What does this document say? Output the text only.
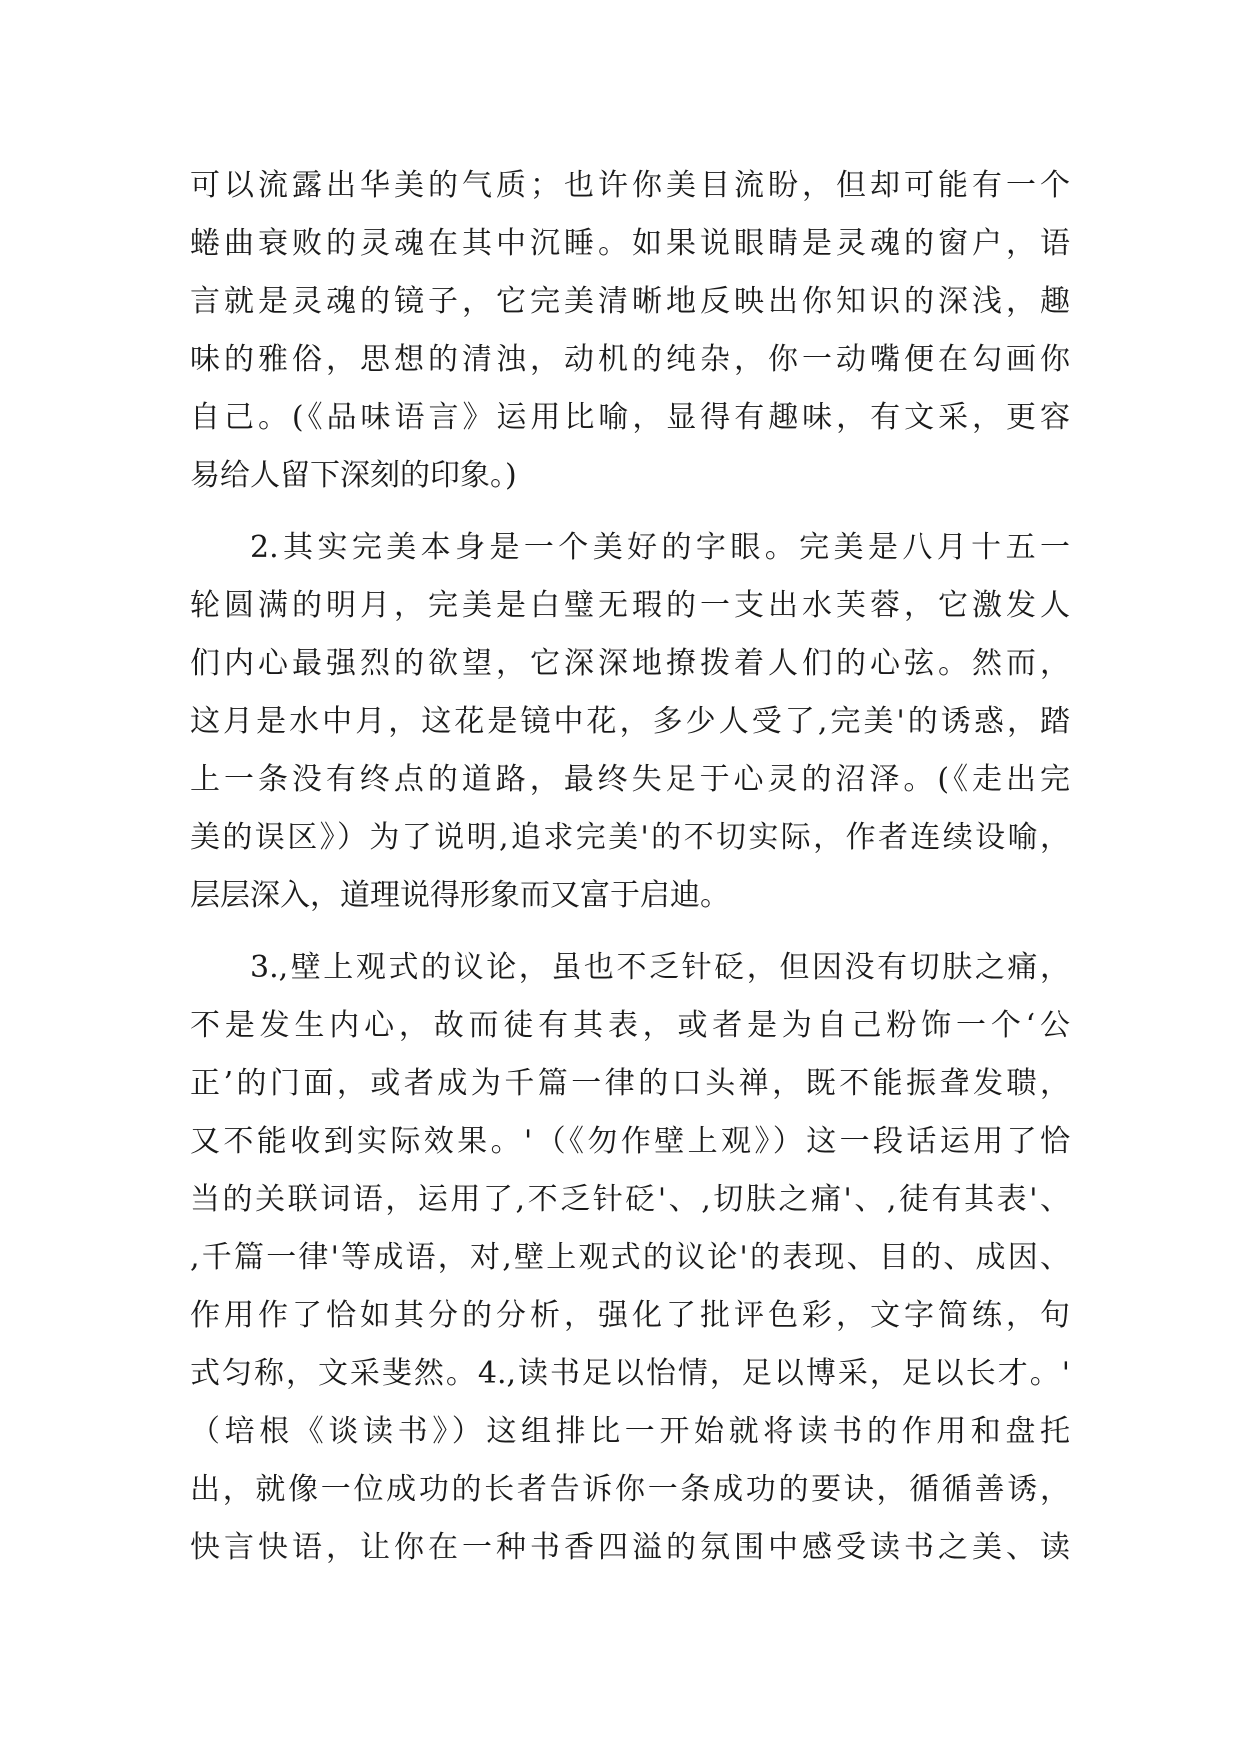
可以流露出华美的气质；也许你美目流盼，但却可能有一个
蜷曲衰败的灵魂在其中沉睡。如果说眼睛是灵魂的窗户，语
言就是灵魂的镜子，它完美清晰地反映出你知识的深浅，趣
味的雅俗，思想的清浊，动机的纯杂，你一动嘴便在勾画你
自己。(《品味语言》运用比喻，显得有趣味，有文采，更容
易给人留下深刻的印象。)
2.其实完美本身是一个美好的字眼。完美是八月十五一
轮圆满的明月，完美是白璧无瑕的一支出水芙蓉，它激发人
们内心最强烈的欲望，它深深地撩拨着人们的心弦。然而，
这月是水中月，这花是镜中花，多少人受了,完美'的诱惑，踏
上一条没有终点的道路，最终失足于心灵的沼泽。(《走出完
美的误区》）为了说明,追求完美'的不切实际，作者连续设喻，
层层深入，道理说得形象而又富于启迪。
3.,壁上观式的议论，虽也不乏针砭，但因没有切肤之痛，
不是发生内心，故而徒有其表，或者是为自己粉饰一个‘公
正’的门面，或者成为千篇一律的口头禅，既不能振聋发聩，
又不能收到实际效果。'（《勿作壁上观》）这一段话运用了恰
当的关联词语，运用了,不乏针砭'、,切肤之痛'、,徒有其表'、
,千篇一律'等成语，对,壁上观式的议论'的表现、目的、成因、
作用作了恰如其分的分析，强化了批评色彩，文字简练，句
式匀称，文采斐然。4.,读书足以怡情，足以博采，足以长才。'
（培根《谈读书》）这组排比一开始就将读书的作用和盘托
出，就像一位成功的长者告诉你一条成功的要诀，循循善诱，
快言快语，让你在一种书香四溢的氛围中感受读书之美、读
